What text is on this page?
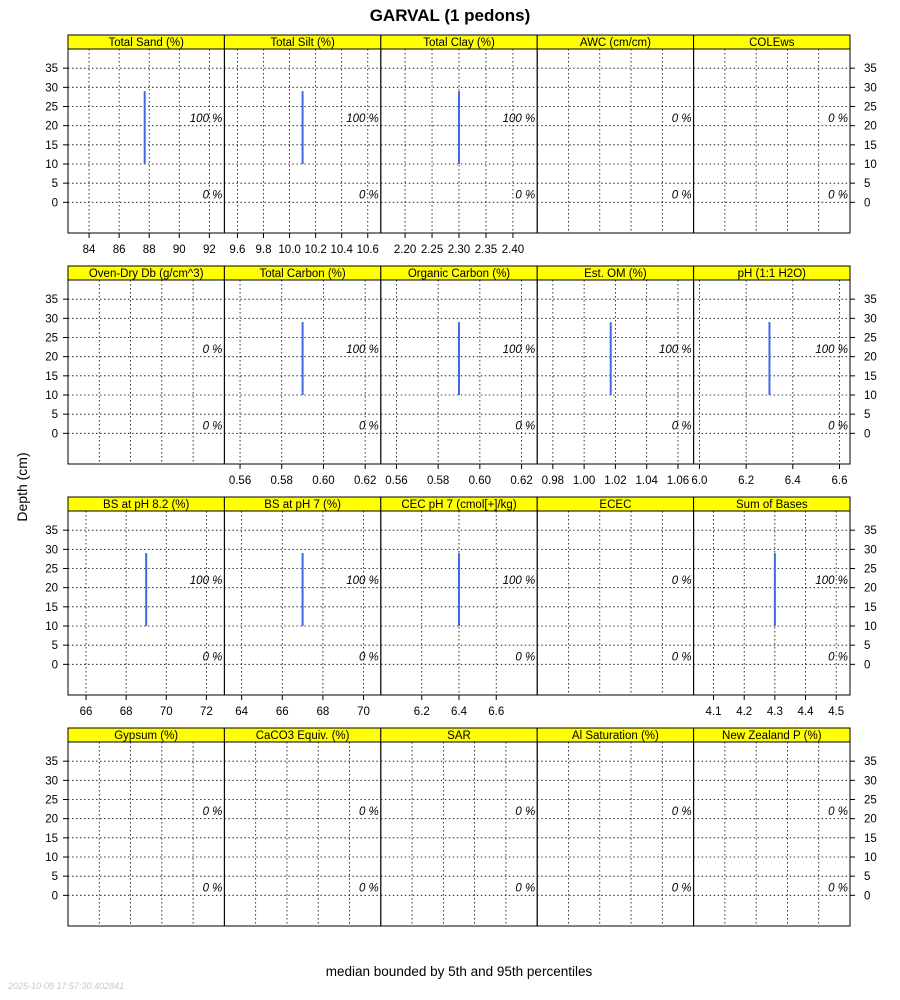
GARVAL (1 pedons)
Depth (cm)
median bounded by 5th and 95th percentiles
2025-10-08 17:57:30.402841
Total Sand (%)
84 86 88 90 92
0 %
100 %
Total Silt (%)
9.6 9.8 10.0 10.2 10.4 10.6
0 %
100 %
Total Clay (%)
2.20 2.25 2.30 2.35 2.40
0 %
100 %
AWC (cm/cm)
0 %
0 %
COLEws
0 %
0 %
Oven-Dry Db (g/cm^3)
0 %
0 %
Total Carbon (%)
0.56 0.58 0.60 0.62
0 %
100 %
Organic Carbon (%)
0.56 0.58 0.60 0.62
0 %
100 %
Est. OM (%)
0.98 1.00 1.02 1.04 1.06
0 %
100 %
pH (1:1 H2O)
6.0	6.2	6.4	6.6
0 %
100 %
BS at pH 8.2 (%)
66 68 70 72
0 %
100 %
BS at pH 7 (%)
64 66 68 70
0 %
100 %
CEC pH 7 (cmol[+]/kg)
6.2 6.4 6.6
0 %
100 %
ECEC
0 %
0 %
Sum of Bases
4.1 4.2 4.3 4.4 4.5
0 %
100 %
Gypsum (%)
0 %
0 %
CaCO3 Equiv. (%)
0 %
0 %
SAR
0 %
0 %
Al Saturation (%)
0 %
0 %
New Zealand P (%)
0 %
0 %
0	0
5	5
10	10
15	15
20	20
25	25
30	30
35	35
0	0
5	5
10	10
15	15
20	20
25	25
30	30
35	35
0	0
5	5
10	10
15	15
20	20
25	25
30	30
35	35
0	0
5	5
10	10
15	15
20	20
25	25
30	30
35	35
